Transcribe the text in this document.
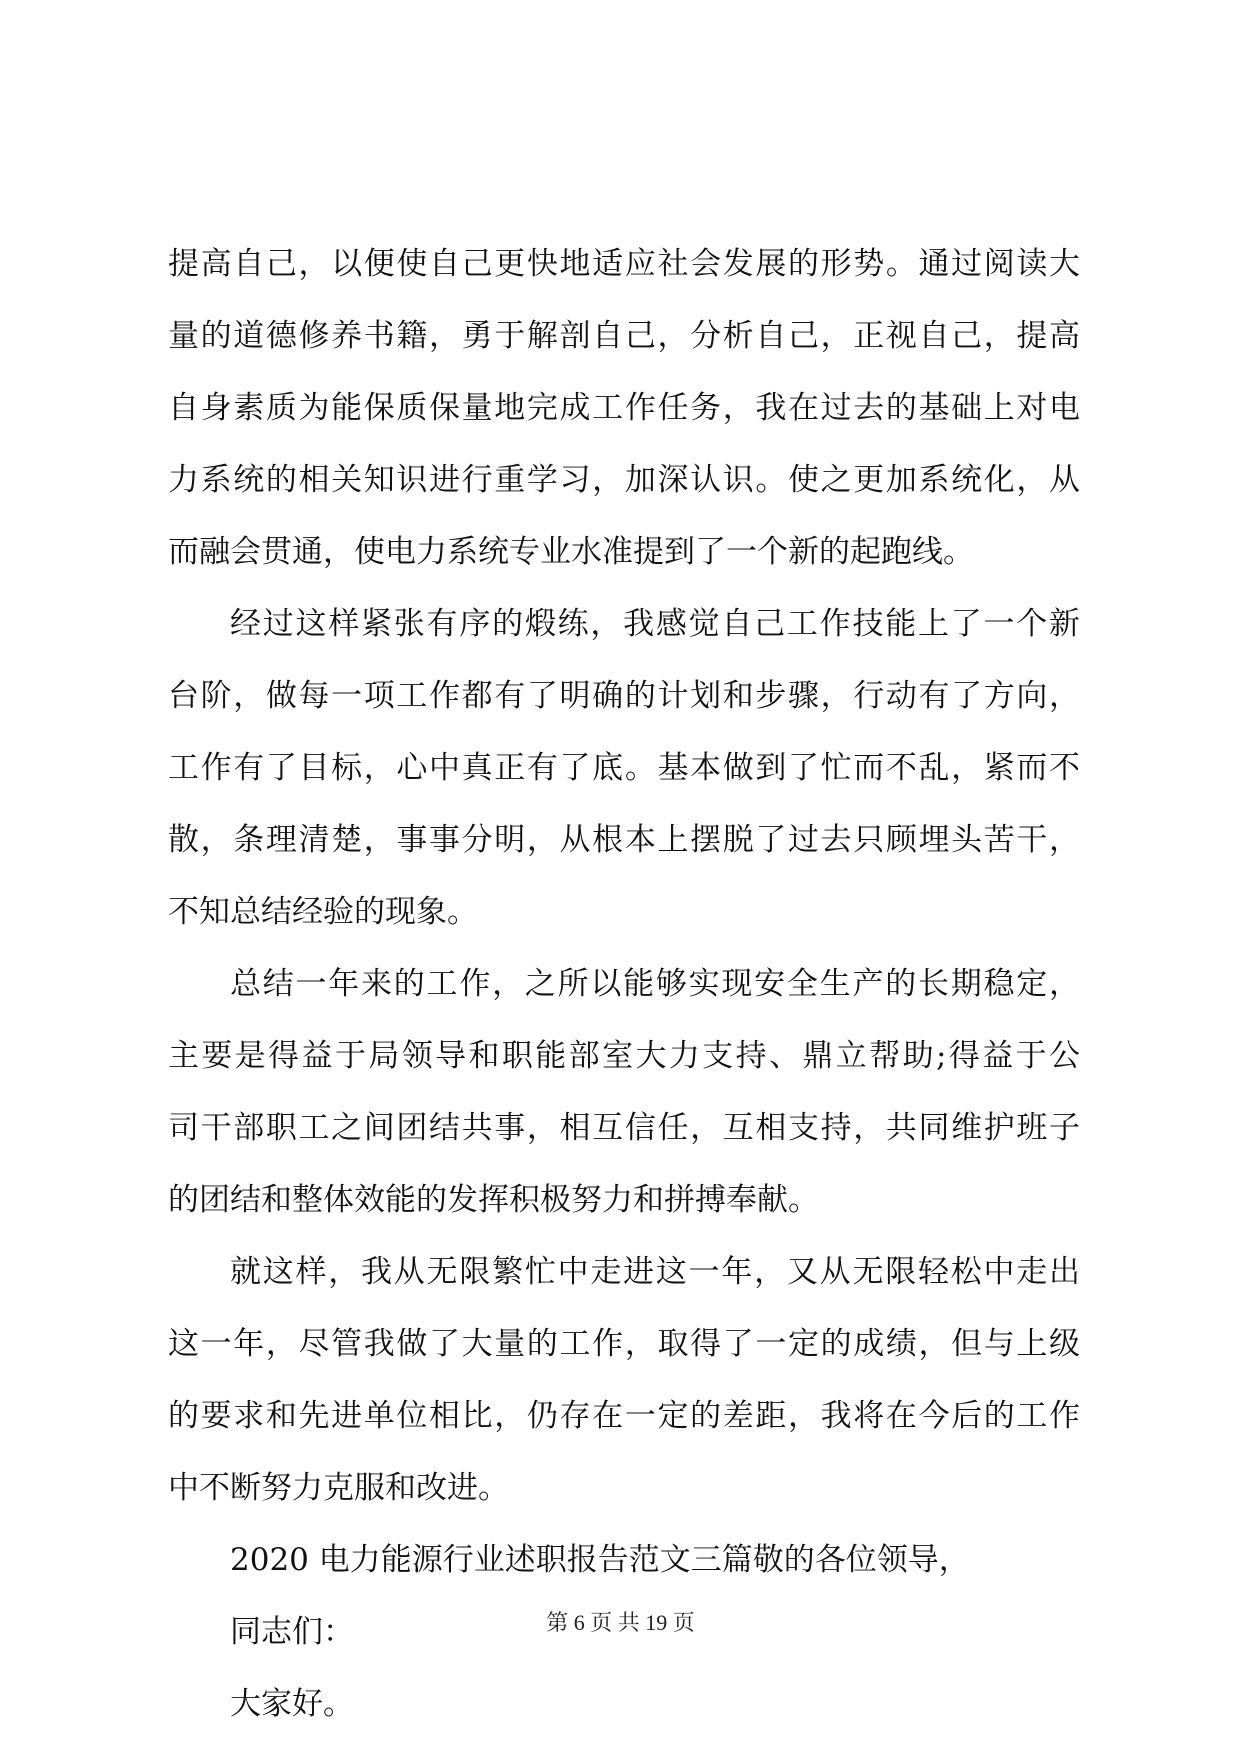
提高自己，以便使自己更快地适应社会发展的形势。通过阅读大
量的道德修养书籍，勇于解剖自己，分析自己，正视自己，提高
自身素质为能保质保量地完成工作任务，我在过去的基础上对电
力系统的相关知识进行重学习，加深认识。使之更加系统化，从
而融会贯通，使电力系统专业水准提到了一个新的起跑线。
经过这样紧张有序的煅练，我感觉自己工作技能上了一个新
台阶，做每一项工作都有了明确的计划和步骤，行动有了方向，
工作有了目标，心中真正有了底。基本做到了忙而不乱，紧而不
散，条理清楚，事事分明，从根本上摆脱了过去只顾埋头苦干，
不知总结经验的现象。
总结一年来的工作，之所以能够实现安全生产的长期稳定，
主要是得益于局领导和职能部室大力支持、鼎立帮助;得益于公
司干部职工之间团结共事，相互信任，互相支持，共同维护班子
的团结和整体效能的发挥积极努力和拼搏奉献。
就这样，我从无限繁忙中走进这一年，又从无限轻松中走出
这一年，尽管我做了大量的工作，取得了一定的成绩，但与上级
的要求和先进单位相比，仍存在一定的差距，我将在今后的工作
中不断努力克服和改进。
2020 电力能源行业述职报告范文三篇敬的各位领导，
同志们：
大家好。
第 6 页 共 19 页
